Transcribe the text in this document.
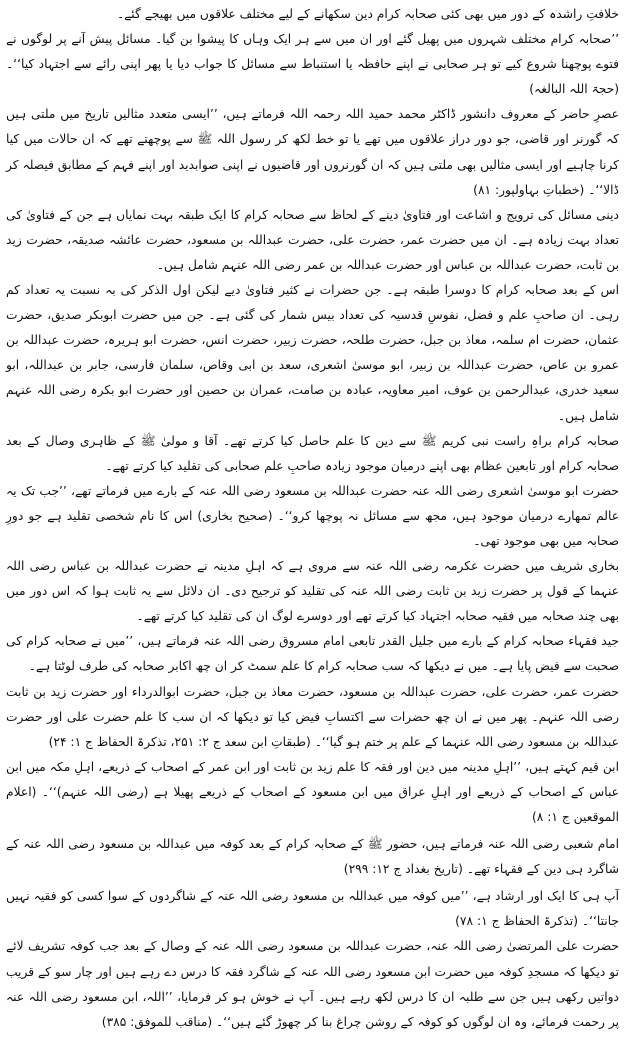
خلافتِ راشدہ کے دور میں بھی کئی صحابہ کرام دین سکھانے کے لیے مختلف علاقوں میں بھیجے گئے۔

’’صحابہ کرام مختلف شہروں میں پھیل گئے اور ان میں سے ہر ایک وہاں کا پیشوا بن گیا۔ مسائل پیش آنے پر لوگوں نے فتوے پوچھنا شروع کیے تو ہر صحابی نے اپنے حافظہ یا استنباط سے مسائل کا جواب دیا یا پھر اپنی رائے سے اجتہاد کیا‘‘۔ (حجۃ اللہ البالغہ)

عصرِ حاضر کے معروف دانشور ڈاکٹر محمد حمید اللہ رحمہ اللہ فرماتے ہیں، ’’ایسی متعدد مثالیں تاریخ میں ملتی ہیں کہ گورنر اور قاضی، جو دور دراز علاقوں میں تھے یا تو خط لکھ کر رسول اللہ ﷺ سے پوچھتے تھے کہ ان حالات میں کیا کرنا چاہیے اور ایسی مثالیں بھی ملتی ہیں کہ ان گورنروں اور قاضیوں نے اپنی صوابدید اور اپنے فہم کے مطابق فیصلہ کر ڈالا‘‘۔ (خطباتِ بہاولپور: ۸۱)

دینی مسائل کی ترویج و اشاعت اور فتاویٰ دینے کے لحاظ سے صحابہ کرام کا ایک طبقہ بہت نمایاں ہے جن کے فتاویٰ کی تعداد بہت زیادہ ہے۔ ان میں حضرت عمر، حضرت علی، حضرت عبداللہ بن مسعود، حضرت عائشہ صدیقہ، حضرت زید بن ثابت، حضرت عبداللہ بن عباس اور حضرت عبداللہ بن عمر رضی اللہ عنہم شامل ہیں۔

اس کے بعد صحابہ کرام کا دوسرا طبقہ ہے۔ جن حضرات نے کثیر فتاویٰ دیے لیکن اول الذکر کی بہ نسبت یہ تعداد کم رہی۔ ان صاحبِ علم و فضل، نفوسِ قدسیہ کی تعداد بیس شمار کی گئی ہے۔ جن میں حضرت ابوبکر صدیق، حضرت عثمان، حضرت ام سلمہ، معاذ بن جبل، حضرت طلحہ، حضرت زبیر، حضرت انس، حضرت ابو ہریرہ، حضرت عبداللہ بن عمرو بن عاص، حضرت عبداللہ بن زبیر، ابو موسیٰ اشعری، سعد بن ابی وقاص، سلمان فارسی، جابر بن عبداللہ، ابو سعید خدری، عبدالرحمن بن عوف، امیر معاویہ، عبادہ بن صامت، عمران بن حصین اور حضرت ابو بکرہ رضی اللہ عنہم شامل ہیں۔

صحابہ کرام براہِ راست نبی کریم ﷺ سے دین کا علم حاصل کیا کرتے تھے۔ آقا و مولیٰ ﷺ کے ظاہری وصال کے بعد صحابہ کرام اور تابعین عظام بھی اپنے درمیان موجود زیادہ صاحبِ علم صحابی کی تقلید کیا کرتے تھے۔

حضرت ابو موسیٰ اشعری رضی اللہ عنہ حضرت عبداللہ بن مسعود رضی اللہ عنہ کے بارے میں فرماتے تھے، ’’جب تک یہ عالم تمھارے درمیان موجود ہیں، مجھ سے مسائل نہ پوچھا کرو‘‘۔ (صحیح بخاری) اس کا نام شخصی تقلید ہے جو دورِ صحابہ میں بھی موجود تھی۔

بخاری شریف میں حضرت عکرمہ رضی اللہ عنہ سے مروی ہے کہ اہلِ مدینہ نے حضرت عبداللہ بن عباس رضی اللہ عنہما کے قول پر حضرت زید بن ثابت رضی اللہ عنہ کی تقلید کو ترجیح دی۔ ان دلائل سے یہ ثابت ہوا کہ اس دور میں بھی چند صحابہ میں فقیہ صحابہ اجتہاد کیا کرتے تھے اور دوسرے لوگ ان کی تقلید کیا کرتے تھے۔

جید فقہاء صحابہ کرام کے بارے میں جلیل القدر تابعی امام مسروق رضی اللہ عنہ فرماتے ہیں، ’’میں نے صحابہ کرام کی صحبت سے فیض پایا ہے۔ میں نے دیکھا کہ سب صحابہ کرام کا علم سمٹ کر ان چھ اکابر صحابہ کی طرف لوٹتا ہے۔

حضرت عمر، حضرت علی، حضرت عبداللہ بن مسعود، حضرت معاذ بن جبل، حضرت ابوالدرداء اور حضرت زید بن ثابت رضی اللہ عنہم۔ پھر میں نے ان چھ حضرات سے اکتسابِ فیض کیا تو دیکھا کہ ان سب کا علم حضرت علی اور حضرت عبداللہ بن مسعود رضی اللہ عنہما کے علم پر ختم ہو گیا‘‘۔ (طبقاتِ ابن سعد ج ۲: ۲۵۱، تذکرۃ الحفاظ ج ۱: ۲۴)

ابن قیم کہتے ہیں، ’’اہلِ مدینہ میں دین اور فقہ کا علم زید بن ثابت اور ابن عمر کے اصحاب کے ذریعے، اہلِ مکہ میں ابن عباس کے اصحاب کے ذریعے اور اہلِ عراق میں ابن مسعود کے اصحاب کے ذریعے پھیلا ہے (رضی اللہ عنہم)‘‘۔ (اعلام الموقعین ج ۱: ۸)

امام شعبی رضی اللہ عنہ فرماتے ہیں، حضور ﷺ کے صحابہ کرام کے بعد کوفہ میں عبداللہ بن مسعود رضی اللہ عنہ کے شاگرد ہی دین کے فقہاء تھے۔ (تاریخ بغداد ج ۱۲: ۲۹۹)

آپ ہی کا ایک اور ارشاد ہے، ’’میں کوفہ میں عبداللہ بن مسعود رضی اللہ عنہ کے شاگردوں کے سوا کسی کو فقیہ نہیں جانتا‘‘۔ (تذکرۃ الحفاظ ج ۱: ۷۸)

حضرت علی المرتضیٰ رضی اللہ عنہ، حضرت عبداللہ بن مسعود رضی اللہ عنہ کے وصال کے بعد جب کوفہ تشریف لائے تو دیکھا کہ مسجدِ کوفہ میں حضرت ابن مسعود رضی اللہ عنہ کے شاگرد فقہ کا درس دے رہے ہیں اور چار سو کے قریب دواتیں رکھی ہیں جن سے طلبہ ان کا درس لکھ رہے ہیں۔ آپ نے خوش ہو کر فرمایا، ’’اللہ، ابن مسعود رضی اللہ عنہ پر رحمت فرمائے، وہ ان لوگوں کو کوفہ کے روشن چراغ بنا کر چھوڑ گئے ہیں‘‘۔ (مناقب للموفق: ۳۸۵)
